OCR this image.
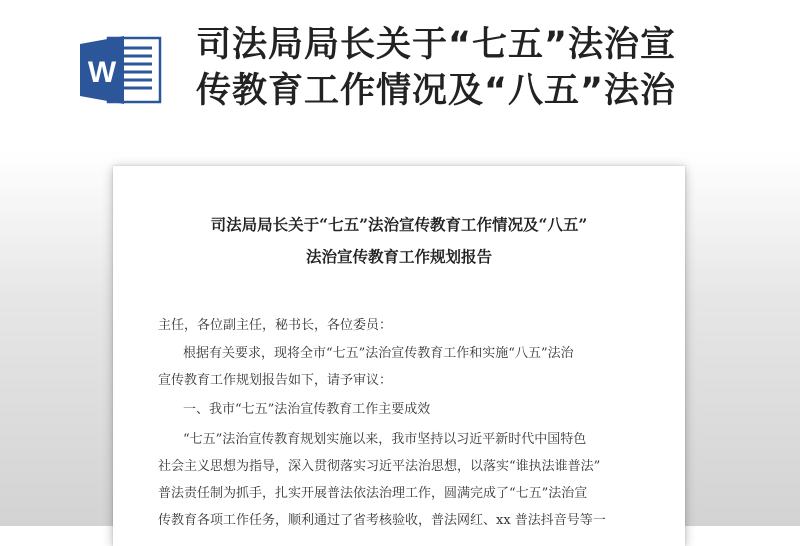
W
司法局局长关于“七五”法治宣
传教育工作情况及“八五”法治
司法局局长关于“七五”法治宣传教育工作情况及“八五”
法治宣传教育工作规划报告
主任，各位副主任，秘书长，各位委员：
根据有关要求，现将全市“七五”法治宣传教育工作和实施“八五”法治
宣传教育工作规划报告如下，请予审议：
一、我市“七五”法治宣传教育工作主要成效
“七五”法治宣传教育规划实施以来，我市坚持以习近平新时代中国特色
社会主义思想为指导，深入贯彻落实习近平法治思想，以落实“谁执法谁普法”
普法责任制为抓手，扎实开展普法依法治理工作，圆满完成了“七五”法治宣
传教育各项工作任务，顺利通过了省考核验收，普法网红、xx 普法抖音号等一
